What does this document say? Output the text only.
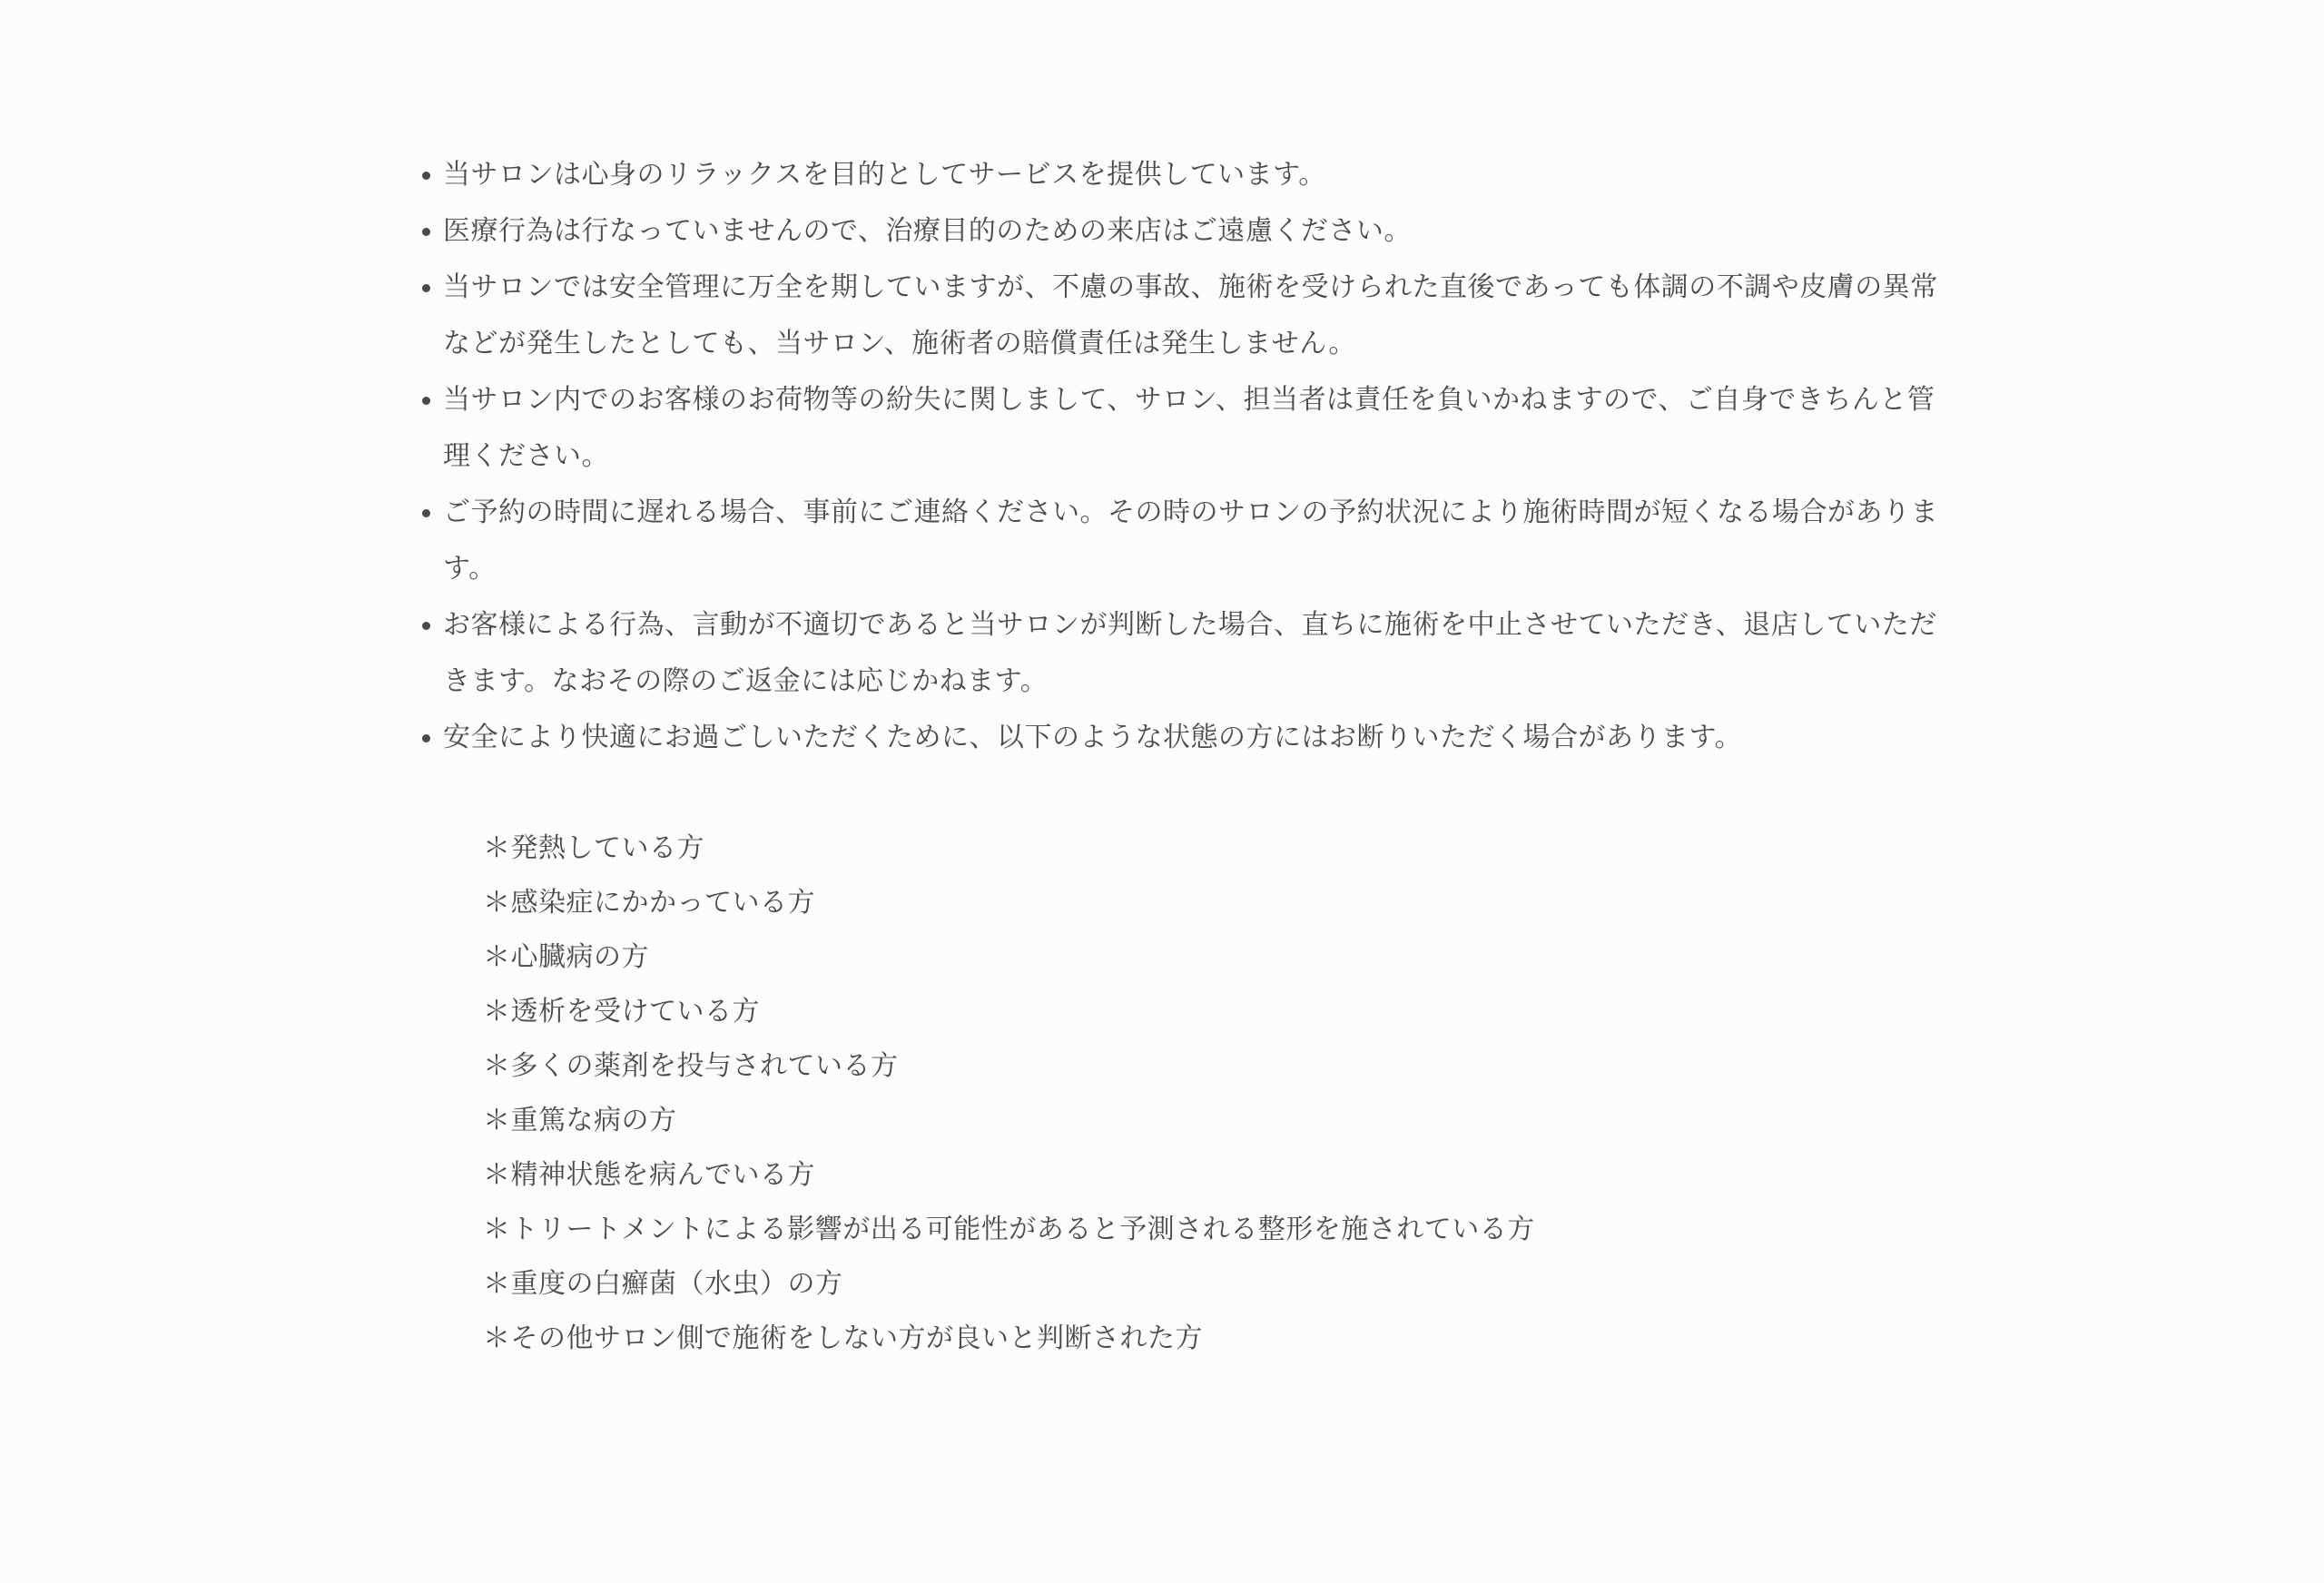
当サロンは心身のリラックスを目的としてサービスを提供しています。
医療行為は行なっていませんので、治療目的のための来店はご遠慮ください。
当サロンでは安全管理に万全を期していますが、不慮の事故、施術を受けられた直後であっても体調の不調や皮膚の異常などが発生したとしても、当サロン、施術者の賠償責任は発生しません。
当サロン内でのお客様のお荷物等の紛失に関しまして、サロン、担当者は責任を負いかねますので、ご自身できちんと管理ください。
ご予約の時間に遅れる場合、事前にご連絡ください。その時のサロンの予約状況により施術時間が短くなる場合があります。
お客様による行為、言動が不適切であると当サロンが判断した場合、直ちに施術を中止させていただき、退店していただきます。なおその際のご返金には応じかねます。
安全により快適にお過ごしいただくために、以下のような状態の方にはお断りいただく場合があります。
＊発熱している方
＊感染症にかかっている方
＊心臓病の方
＊透析を受けている方
＊多くの薬剤を投与されている方
＊重篤な病の方
＊精神状態を病んでいる方
＊トリートメントによる影響が出る可能性があると予測される整形を施されている方
＊重度の白癬菌（水虫）の方
＊その他サロン側で施術をしない方が良いと判断された方
